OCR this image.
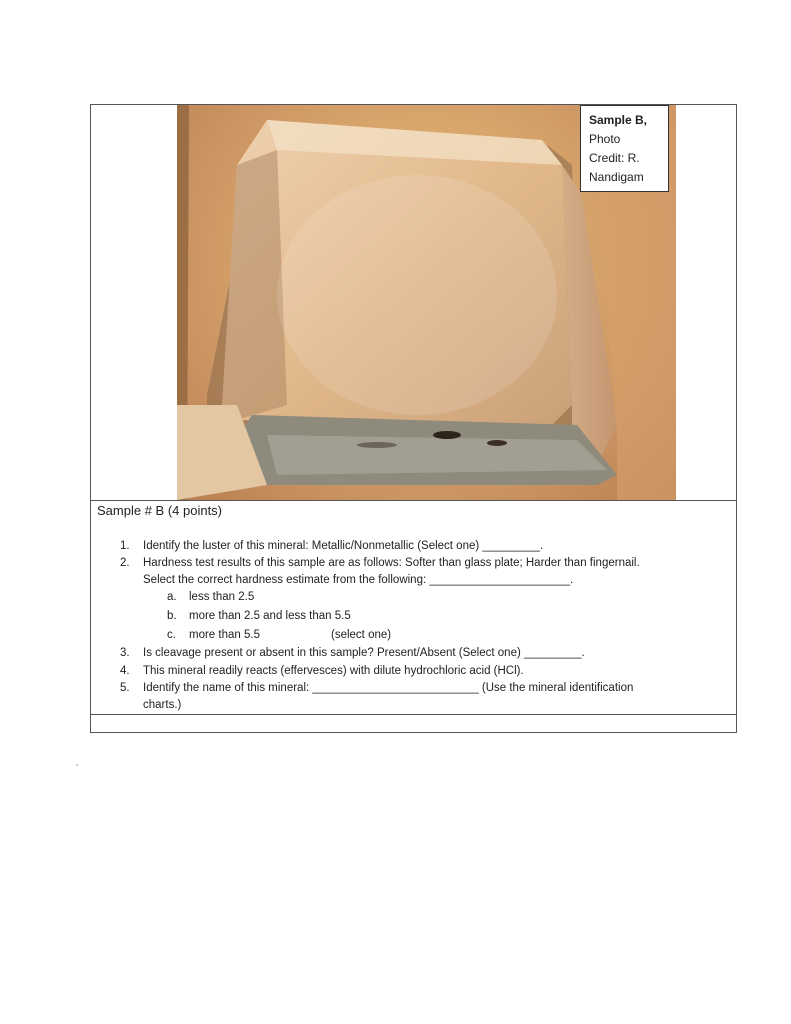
Sample B,
Photo
Credit: R.
Nandigam
Sample # B (4 points)
1. Identify the luster of this mineral: Metallic/Nonmetallic (Select one) _________.
2. Hardness test results of this sample are as follows: Softer than glass plate; Harder than fingernail.
Select the correct hardness estimate from the following: ______________________.
a. less than 2.5
b. more than 2.5 and less than 5.5
c. more than 5.5	(select one)
3. Is cleavage present or absent in this sample? Present/Absent (Select one) _________.
4. This mineral readily reacts (effervesces) with dilute hydrochloric acid (HCl).
5. Identify the name of this mineral: __________________________ (Use the mineral identification
charts.)
